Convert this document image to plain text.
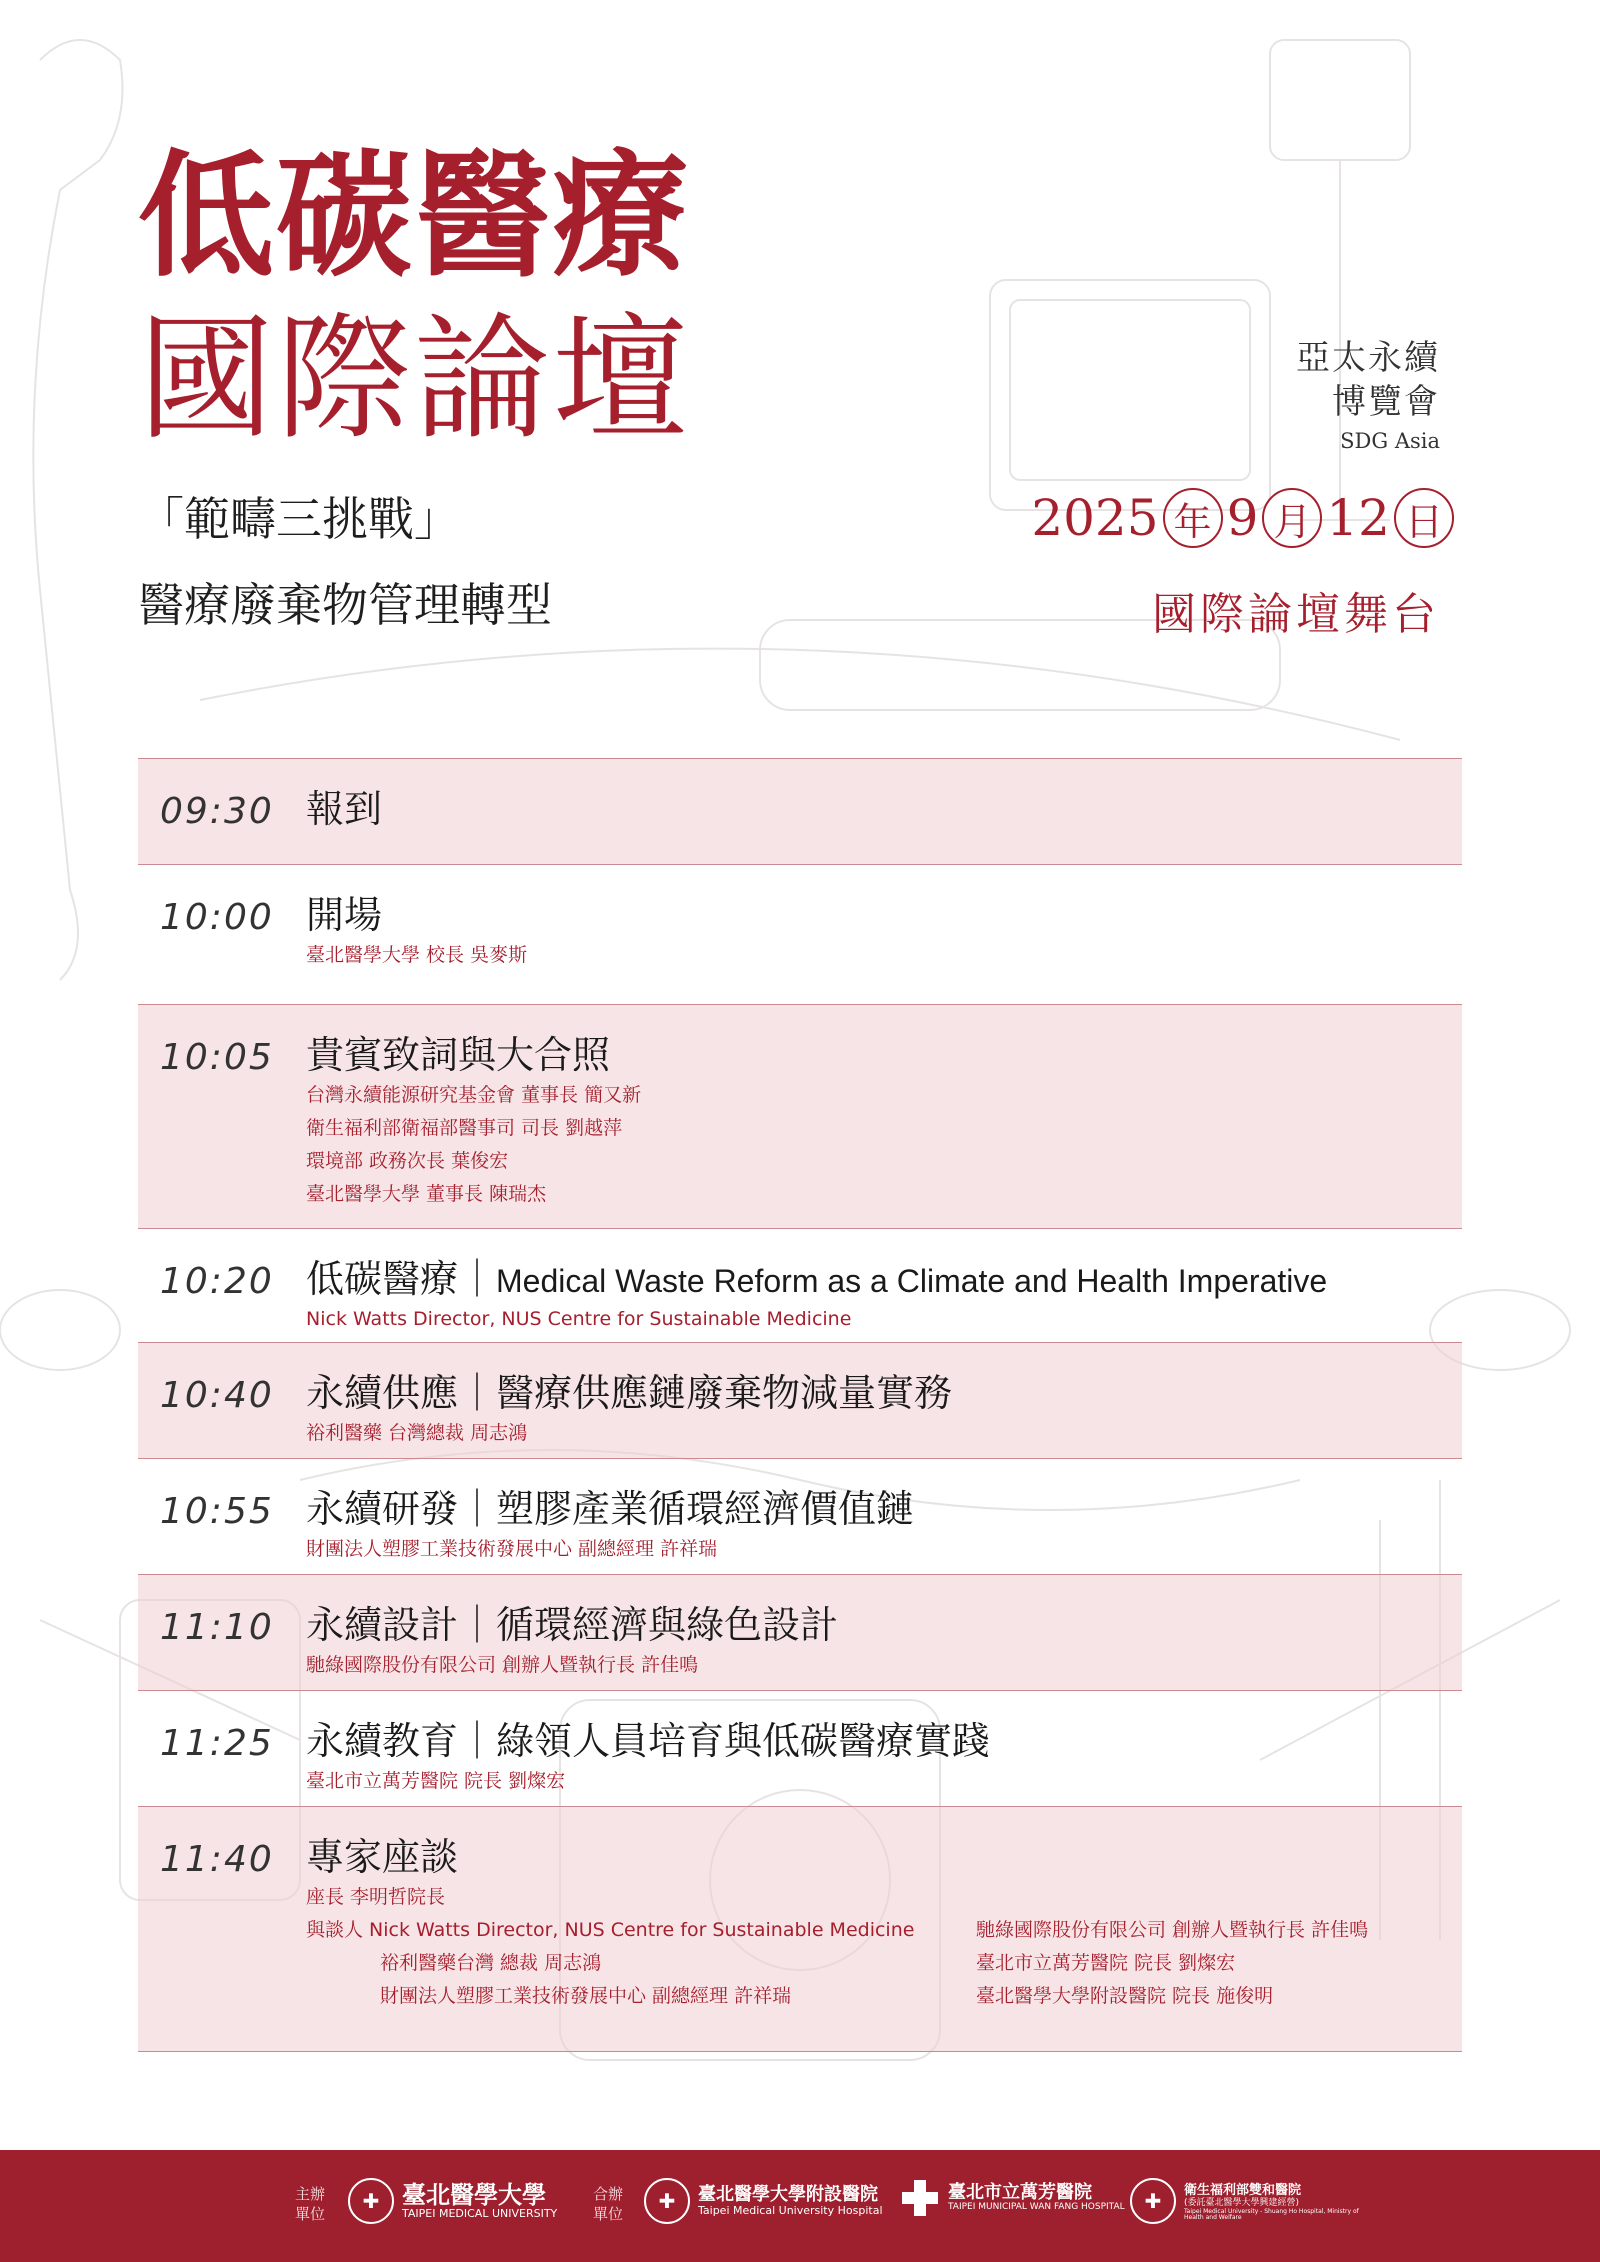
低碳醫療
國際論壇
「範疇三挑戰」
醫療廢棄物管理轉型
亞太永續
博覽會
SDG Asia
2025 年 9 月 12 日
國際論壇舞台
09:30 報到
10:00 開場
臺北醫學大學 校長 吳麥斯
10:05 貴賓致詞與大合照
台灣永續能源研究基金會 董事長 簡又新
衛生福利部衛福部醫事司 司長 劉越萍
環境部 政務次長 葉俊宏
臺北醫學大學 董事長 陳瑞杰
10:20 低碳醫療｜Medical Waste Reform as a Climate and Health Imperative
Nick Watts Director, NUS Centre for Sustainable Medicine
10:40 永續供應｜醫療供應鏈廢棄物減量實務
裕利醫藥 台灣總裁 周志鴻
10:55 永續研發｜塑膠產業循環經濟價值鏈
財團法人塑膠工業技術發展中心 副總經理 許祥瑞
11:10 永續設計｜循環經濟與綠色設計
馳綠國際股份有限公司 創辦人暨執行長 許佳鳴
11:25 永續教育｜綠領人員培育與低碳醫療實踐
臺北市立萬芳醫院 院長 劉燦宏
11:40 專家座談
座長 李明哲院長
與談人 Nick Watts Director, NUS Centre for Sustainable Medicine
裕利醫藥台灣 總裁 周志鴻
財團法人塑膠工業技術發展中心 副總經理 許祥瑞
馳綠國際股份有限公司 創辦人暨執行長 許佳鳴
臺北市立萬芳醫院 院長 劉燦宏
臺北醫學大學附設醫院 院長 施俊明
主辦單位
✚ 臺北醫學大學
TAIPEI MEDICAL UNIVERSITY
合辦單位
✚	臺北醫學大學附設醫院
Taipei Medical University Hospital
臺北市立萬芳醫院
TAIPEI MUNICIPAL WAN FANG HOSPITAL ✚	衛生福利部雙和醫院
(委託臺北醫學大學興建經營)
Taipei Medical University - Shuang Ho Hospital, Ministry of Health and Welfare
